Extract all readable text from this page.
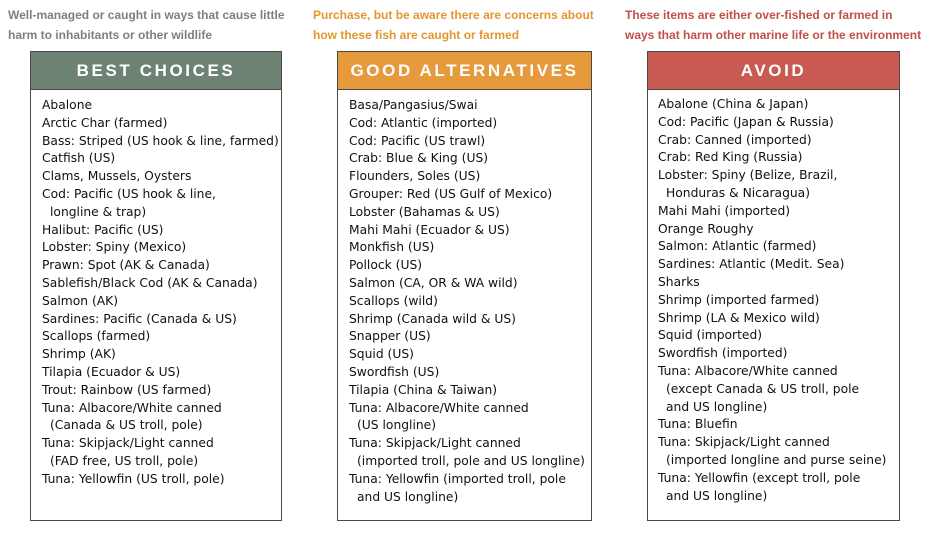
Well-managed or caught in ways that cause little
harm to inhabitants or other wildlife

BEST CHOICES
Abalone
Arctic Char (farmed)
Bass: Striped (US hook & line, farmed)
Catfish (US)
Clams, Mussels, Oysters
Cod: Pacific (US hook & line,
longline & trap)
Halibut: Pacific (US)
Lobster: Spiny (Mexico)
Prawn: Spot (AK & Canada)
Sablefish/Black Cod (AK & Canada)
Salmon (AK)
Sardines: Pacific (Canada & US)
Scallops (farmed)
Shrimp (AK)
Tilapia (Ecuador & US)
Trout: Rainbow (US farmed)
Tuna: Albacore/White canned
(Canada & US troll, pole)
Tuna: Skipjack/Light canned
(FAD free, US troll, pole)
Tuna: Yellowfin (US troll, pole)

Purchase, but be aware there are concerns about
how these fish are caught or farmed

GOOD ALTERNATIVES
Basa/Pangasius/Swai
Cod: Atlantic (imported)
Cod: Pacific (US trawl)
Crab: Blue & King (US)
Flounders, Soles (US)
Grouper: Red (US Gulf of Mexico)
Lobster (Bahamas & US)
Mahi Mahi (Ecuador & US)
Monkfish (US)
Pollock (US)
Salmon (CA, OR & WA wild)
Scallops (wild)
Shrimp (Canada wild & US)
Snapper (US)
Squid (US)
Swordfish (US)
Tilapia (China & Taiwan)
Tuna: Albacore/White canned
(US longline)
Tuna: Skipjack/Light canned
(imported troll, pole and US longline)
Tuna: Yellowfin (imported troll, pole
and US longline)

These items are either over-fished or farmed in
ways that harm other marine life or the environment

AVOID
Abalone (China & Japan)
Cod: Pacific (Japan & Russia)
Crab: Canned (imported)
Crab: Red King (Russia)
Lobster: Spiny (Belize, Brazil,
Honduras & Nicaragua)
Mahi Mahi (imported)
Orange Roughy
Salmon: Atlantic (farmed)
Sardines: Atlantic (Medit. Sea)
Sharks
Shrimp (imported farmed)
Shrimp (LA & Mexico wild)
Squid (imported)
Swordfish (imported)
Tuna: Albacore/White canned
(except Canada & US troll, pole
and US longline)
Tuna: Bluefin
Tuna: Skipjack/Light canned
(imported longline and purse seine)
Tuna: Yellowfin (except troll, pole
and US longline)
